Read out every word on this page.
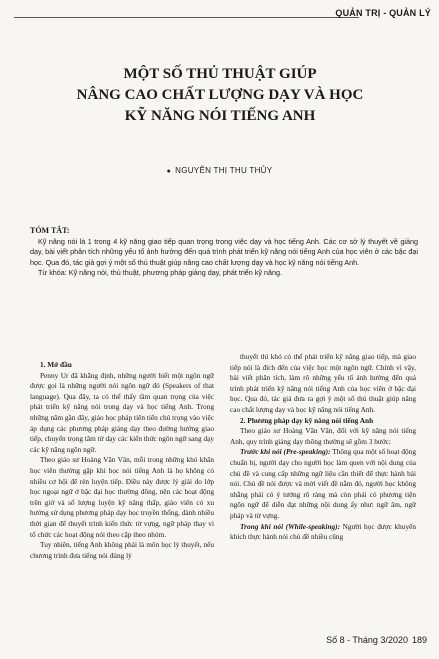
QUẢN TRỊ - QUẢN LÝ
MỘT SỐ THỦ THUẬT GIÚP
NÂNG CAO CHẤT LƯỢNG DẠY VÀ HỌC
KỸ NĂNG NÓI TIẾNG ANH
● NGUYỄN THỊ THU THỦY
TÓM TẮT:

Kỹ năng nói là 1 trong 4 kỹ năng giao tiếp quan trọng trong việc dạy và học tiếng Anh. Các cơ sở lý thuyết về giảng dạy, bài viết phân tích những yếu tố ảnh hưởng đến quá trình phát triển kỹ năng nói tiếng Anh của học viên ở các bậc đại học. Qua đó, tác giả gợi ý một số thủ thuật giúp nâng cao chất lượng dạy và học kỹ năng nói tiếng Anh.

Từ khóa: Kỹ năng nói, thủ thuật, phương pháp giảng dạy, phát triển kỹ năng.

1. Mở đầu

Penny Ur đã khẳng định, những người biết một ngôn ngữ được gọi là những người nói ngôn ngữ đó (Speakers of that language). Qua đây, ta có thể thấy tầm quan trọng của việc phát triển kỹ năng nói trong dạy và học tiếng Anh. Trong những năm gần đây, giáo học pháp tiên tiến chú trọng vào việc áp dụng các phương pháp giảng dạy theo đường hướng giao tiếp, chuyển trọng tâm từ dạy các kiến thức ngôn ngữ sang dạy các kỹ năng ngôn ngữ.

Theo giáo sư Hoàng Văn Vân, mỗi trong những khó khăn học viên thường gặp khi học nói tiếng Anh là họ không có nhiều cơ hội để rèn luyện tiếp. Điều này được lý giải do lớp học ngoại ngữ ở bậc đại học thường đông, nên các hoạt động trên giờ và số lượng luyện kỹ năng thấp, giáo viên có xu hướng sử dụng phương pháp dạy học truyền thống, dành nhiều thời gian để thuyết trình kiến thức từ vựng, ngữ pháp thay vì tổ chức các hoạt động nói theo cặp theo nhóm.

Tuy nhiên, tiếng Anh không phải là môn học lý thuyết, nếu chương trình đưa tiếng nói đúng lý

thuyết thì khó có thể phát triển kỹ năng giao tiếp, mà giao tiếp nói là đích đến của việc học một ngôn ngữ. Chính vì vậy, bài viết phân tích, làm rõ những yếu tố ảnh hưởng đến quá trình phát triển kỹ năng nói tiếng Anh của học viên ở bậc đại học. Qua đó, tác giả đưa ra gợi ý một số thủ thuật giúp nâng cao chất lượng dạy và học kỹ năng nói tiếng Anh.

2. Phương pháp dạy kỹ năng nói tiếng Anh

Theo giáo sư Hoàng Văn Vân, đối với kỹ năng nói tiếng Anh, quy trình giảng dạy thông thường sẽ gồm 3 bước:

Trước khi nói (Pre-speaking): Thông qua một số hoạt động chuẩn bị, người dạy cho người học làm quen với nội dung của chủ đề và cung cấp những ngữ liệu cần thiết để thực hành bài nói. Chủ đề nói được và mời viết đề nằm đó, người học không nhằng phải có ý tưởng rõ ràng mà còn phải có phương tiện ngôn ngữ để diễn đạt những nội dung ấy như: ngữ âm, ngữ pháp và từ vựng.

Trong khi nói (While-speaking): Người học được khuyến khích thực hành nói chủ đề nhiều cũng

Số 8 - Tháng 3/2020 189
